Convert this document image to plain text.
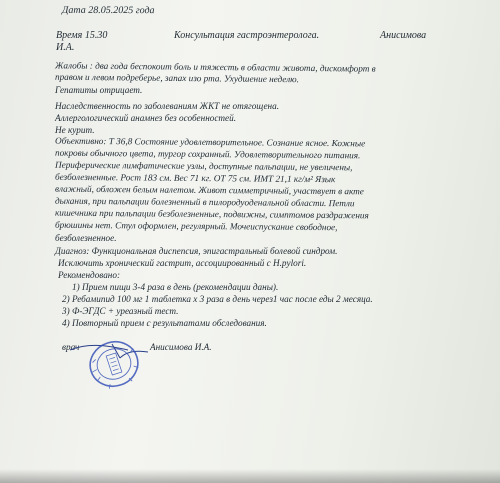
Дата 28.05.2025 года
Время 15.30	Консультация гастроэнтеролога.	Анисимова
И.А.
Жалобы : два года беспокоит боль и тяжесть в области живота, дискомфорт в
правом и левом подреберье, запах изо рта. Ухудшение неделю.
Гепатиты отрицает.
Наследственность по заболеваниям ЖКТ не отягощена.
Аллергологический анамнез без особенностей.
Не курит.
Объективно: Т 36,8 Состояние удовлетворительное. Сознание ясное. Кожные
покровы обычного цвета, тургор сохранный. Удовлетворительного питания.
Периферические лимфатические узлы, доступные пальпации, не увеличены,
безболезненные. Рост 183 см. Вес 71 кг. ОТ 75 см. ИМТ 21,1 кг/м² Язык
влажный, обложен белым налетом. Живот симметричный, участвует в акте
дыхания, при пальпации болезненный в пилородуоденальной области. Петли
кишечника при пальпации безболезненные, подвижны, симптомов раздражения
брюшины нет. Стул оформлен, регулярный. Мочеиспускание свободное,
безболезненное.
Диагноз: Функциональная диспепсия, эпигастральный болевой синдром.
Исключить хронический гастрит, ассоциированный с H.pylori.
Рекомендовано:
1) Прием пищи 3-4 раза в день (рекомендации даны).
2) Ребамипид 100 мг 1 таблетка х 3 раза в день через1 час после еды 2 месяца.
3) Ф-ЭГДС + уреазный тест.
4) Повторный прием с результатами обследования.
врач	Анисимова И.А.
